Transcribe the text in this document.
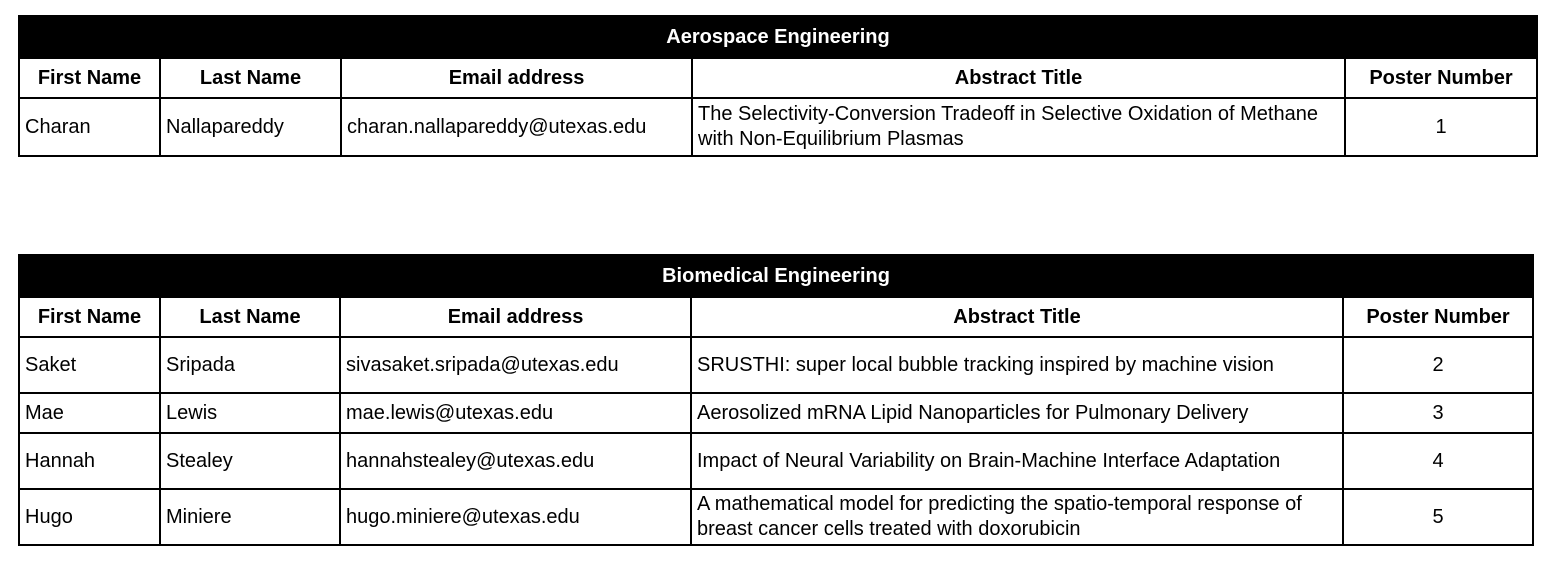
Aerospace Engineering				
First Name	Last Name	Email address	Abstract Title	Poster Number
Charan	Nallapareddy	charan.nallapareddy@utexas.edu	The Selectivity-Conversion Tradeoff in Selective Oxidation of Methane with Non-Equilibrium Plasmas	1
Biomedical Engineering				
First Name	Last Name	Email address	Abstract Title	Poster Number
Saket	Sripada	sivasaket.sripada@utexas.edu	SRUSTHI: super local bubble tracking inspired by machine vision	2
Mae	Lewis	mae.lewis@utexas.edu	Aerosolized mRNA Lipid Nanoparticles for Pulmonary Delivery	3
Hannah	Stealey	hannahstealey@utexas.edu	Impact of Neural Variability on Brain-Machine Interface Adaptation	4
Hugo	Miniere	hugo.miniere@utexas.edu	A mathematical model for predicting the spatio-temporal response of breast cancer cells treated with doxorubicin	5
